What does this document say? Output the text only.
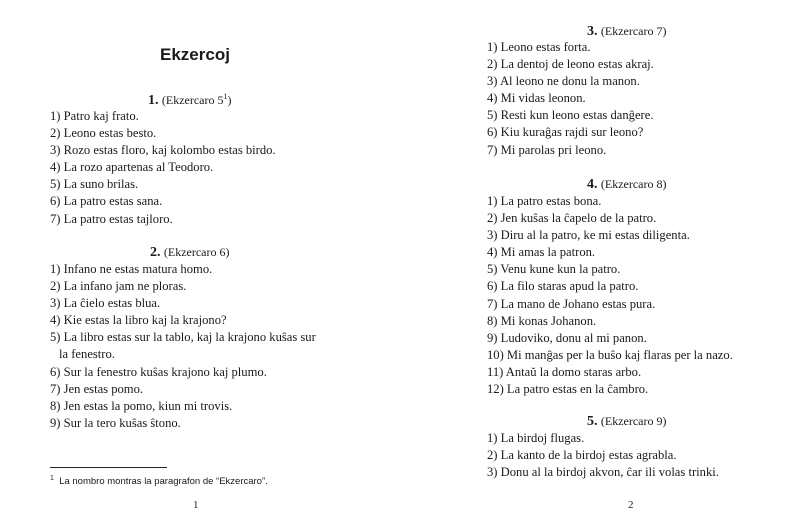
Ekzercoj
1. (Ekzercaro $5^1$)
1) Patro kaj frato.
2) Leono estas besto.
3) Rozo estas floro, kaj kolombo estas birdo.
4) La rozo apartenas al Teodoro.
5) La suno brilas.
6) La patro estas sana.
7) La patro estas tajloro.
2. (Ekzercaro 6)
1) Infano ne estas matura homo.
2) La infano jam ne ploras.
3) La ĉielo estas blua.
4) Kie estas la libro kaj la krajono?
5) La libro estas sur la tablo, kaj la krajono kuŝas sur
la fenestro.
6) Sur la fenestro kuŝas krajono kaj plumo.
7) Jen estas pomo.
8) Jen estas la pomo, kiun mi trovis.
9) Sur la tero kuŝas ŝtono.
$^1$ La nombro montras la paragrafon de “Ekzercaro”.
1
3. (Ekzercaro 7)
1) Leono estas forta.
2) La dentoj de leono estas akraj.
3) Al leono ne donu la manon.
4) Mi vidas leonon.
5) Resti kun leono estas danĝere.
6) Kiu kuraĝas rajdi sur leono?
7) Mi parolas pri leono.
4. (Ekzercaro 8)
1) La patro estas bona.
2) Jen kuŝas la ĉapelo de la patro.
3) Diru al la patro, ke mi estas diligenta.
4) Mi amas la patron.
5) Venu kune kun la patro.
6) La filo staras apud la patro.
7) La mano de Johano estas pura.
8) Mi konas Johanon.
9) Ludoviko, donu al mi panon.
10) Mi manĝas per la buŝo kaj flaras per la nazo.
11) Antaŭ la domo staras arbo.
12) La patro estas en la ĉambro.
5. (Ekzercaro 9)
1) La birdoj flugas.
2) La kanto de la birdoj estas agrabla.
3) Donu al la birdoj akvon, ĉar ili volas trinki.
2
